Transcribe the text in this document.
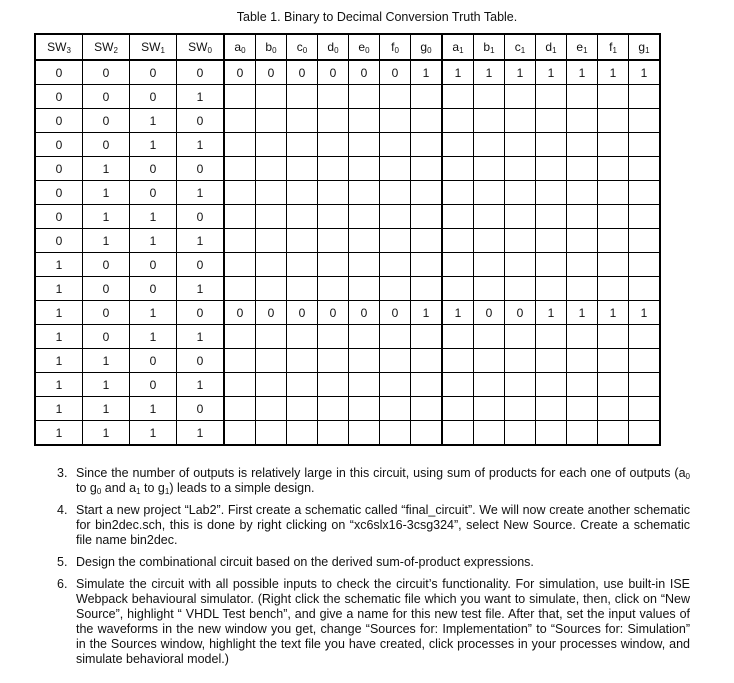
Table 1. Binary to Decimal Conversion Truth Table.
$SW_3$	$SW_2$	$SW_1$	$SW_0$	$a_0$	$b_0$	$c_0$	$d_0$	$e_0$	$f_0$	$g_0$	$a_1$	$b_1$	$c_1$	$d_1$	$e_1$	$f_1$	$g_1$
0	0	0	0	0	0	0	0	0	0	1	1	1	1	1	1	1	1
0	0	0	1														
0	0	1	0														
0	0	1	1														
0	1	0	0														
0	1	0	1														
0	1	1	0														
0	1	1	1														
1	0	0	0														
1	0	0	1														
1	0	1	0	0	0	0	0	0	0	1	1	0	0	1	1	1	1
1	0	1	1														
1	1	0	0														
1	1	0	1														
1	1	1	0														
1	1	1	1														
3. Since the number of outputs is relatively large in this circuit, using sum of products for each one of outputs ($a_0$ to $g_0$ and $a_1$ to $g_1$) leads to a simple design.
4. Start a new project “Lab2”. First create a schematic called “final_circuit”. We will now create another schematic for bin2dec.sch, this is done by right clicking on “xc6slx16-3csg324”, select New Source. Create a schematic file name bin2dec.
5. Design the combinational circuit based on the derived sum-of-product expressions.
6. Simulate the circuit with all possible inputs to check the circuit’s functionality. For simulation, use built-in ISE Webpack behavioural simulator. (Right click the schematic file which you want to simulate, then, click on “New Source”, highlight “ VHDL Test bench”, and give a name for this new test file. After that, set the input values of the waveforms in the new window you get, change “Sources for: Implementation” to “Sources for: Simulation” in the Sources window, highlight the text file you have created, click processes in your processes window, and simulate behavioral model.)
